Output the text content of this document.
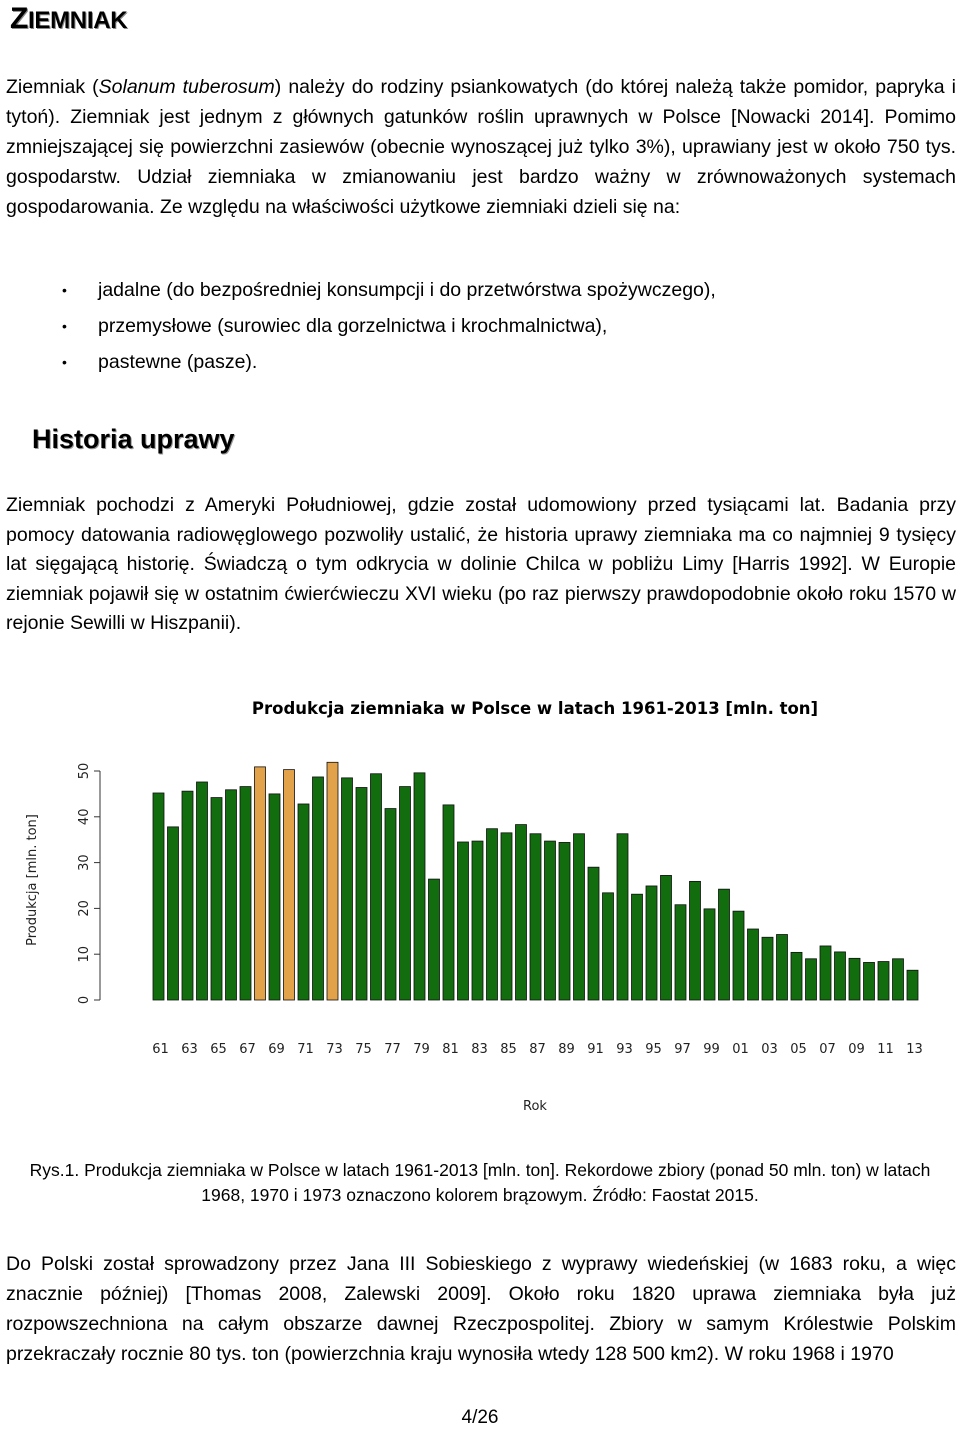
ZIEMNIAK
Ziemniak (Solanum tuberosum) należy do rodziny psiankowatych (do której należą także pomidor, papryka i tytoń). Ziemniak jest jednym z głównych gatunków roślin uprawnych w Polsce [Nowacki 2014]. Pomimo zmniejszającej się powierzchni zasiewów (obecnie wynoszącej już tylko 3%), uprawiany jest w około 750 tys. gospodarstw. Udział ziemniaka w zmianowaniu jest bardzo ważny w zrównoważonych systemach gospodarowania. Ze względu na właściwości użytkowe ziemniaki dzieli się na:
• jadalne (do bezpośredniej konsumpcji i do przetwórstwa spożywczego),
• przemysłowe (surowiec dla gorzelnictwa i krochmalnictwa),
• pastewne (pasze).
Historia uprawy
Ziemniak pochodzi z Ameryki Południowej, gdzie został udomowiony przed tysiącami lat. Badania przy pomocy datowania radiowęglowego pozwoliły ustalić, że historia uprawy ziemniaka ma co najmniej 9 tysięcy lat sięgającą historię. Świadczą o tym odkrycia w dolinie Chilca w pobliżu Limy [Harris 1992]. W Europie ziemniak pojawił się w ostatnim ćwierćwieczu XVI wieku (po raz pierwszy prawdopodobnie około roku 1570 w rejonie Sewilli w Hiszpanii).
Produkcja ziemniaka w Polsce w latach 1961-2013 [mln. ton]
0
10
20
30
40
50
61 63 65 67 69 71 73 75 77 79 81 83 85 87 89 91 93 95 97 99 01 03 05 07 09 11 13
Rok
Produkcja [mln. ton]
Rys.1. Produkcja ziemniaka w Polsce w latach 1961-2013 [mln. ton]. Rekordowe zbiory (ponad 50 mln. ton) w latach
1968, 1970 i 1973 oznaczono kolorem brązowym. Źródło: Faostat 2015.
Do Polski został sprowadzony przez Jana III Sobieskiego z wyprawy wiedeńskiej (w 1683 roku, a więc znacznie później) [Thomas 2008, Zalewski 2009]. Około roku 1820 uprawa ziemniaka była już rozpowszechniona na całym obszarze dawnej Rzeczpospolitej. Zbiory w samym Królestwie Polskim przekraczały rocznie 80 tys. ton (powierzchnia kraju wynosiła wtedy 128 500 km2). W roku 1968 i 1970
4/26
